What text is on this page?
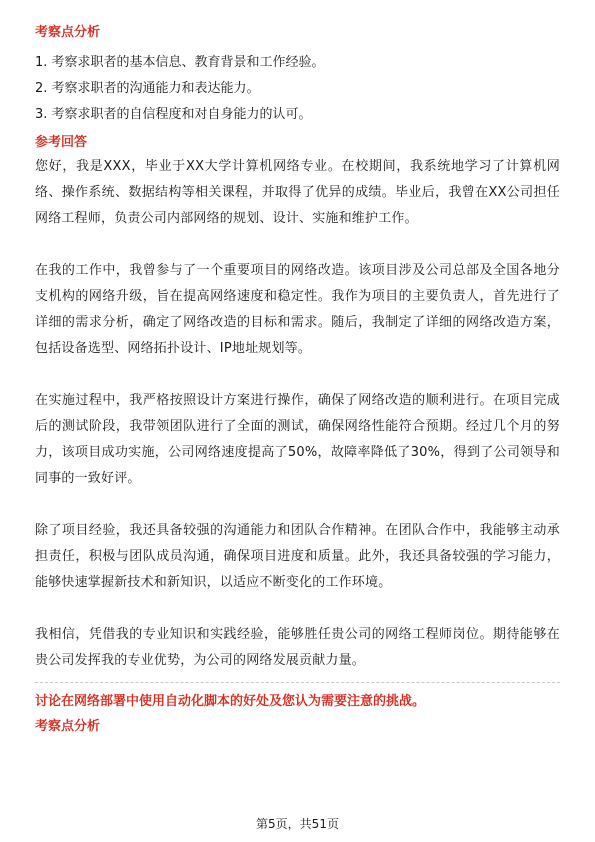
考察点分析

1. 考察求职者的基本信息、教育背景和工作经验。

2. 考察求职者的沟通能力和表达能力。

3. 考察求职者的自信程度和对自身能力的认可。

参考回答

您好，我是XXX，毕业于XX大学计算机网络专业。在校期间，我系统地学习了计算机网络、操作系统、数据结构等相关课程，并取得了优异的成绩。毕业后，我曾在XX公司担任网络工程师，负责公司内部网络的规划、设计、实施和维护工作。

在我的工作中，我曾参与了一个重要项目的网络改造。该项目涉及公司总部及全国各地分支机构的网络升级，旨在提高网络速度和稳定性。我作为项目的主要负责人，首先进行了详细的需求分析，确定了网络改造的目标和需求。随后，我制定了详细的网络改造方案，包括设备选型、网络拓扑设计、IP地址规划等。

在实施过程中，我严格按照设计方案进行操作，确保了网络改造的顺利进行。在项目完成后的测试阶段，我带领团队进行了全面的测试，确保网络性能符合预期。经过几个月的努力，该项目成功实施，公司网络速度提高了50%，故障率降低了30%，得到了公司领导和同事的一致好评。

除了项目经验，我还具备较强的沟通能力和团队合作精神。在团队合作中，我能够主动承担责任，积极与团队成员沟通，确保项目进度和质量。此外，我还具备较强的学习能力，能够快速掌握新技术和新知识，以适应不断变化的工作环境。

我相信，凭借我的专业知识和实践经验，能够胜任贵公司的网络工程师岗位。期待能够在贵公司发挥我的专业优势，为公司的网络发展贡献力量。

讨论在网络部署中使用自动化脚本的好处及您认为需要注意的挑战。

考察点分析

第5页，共51页
